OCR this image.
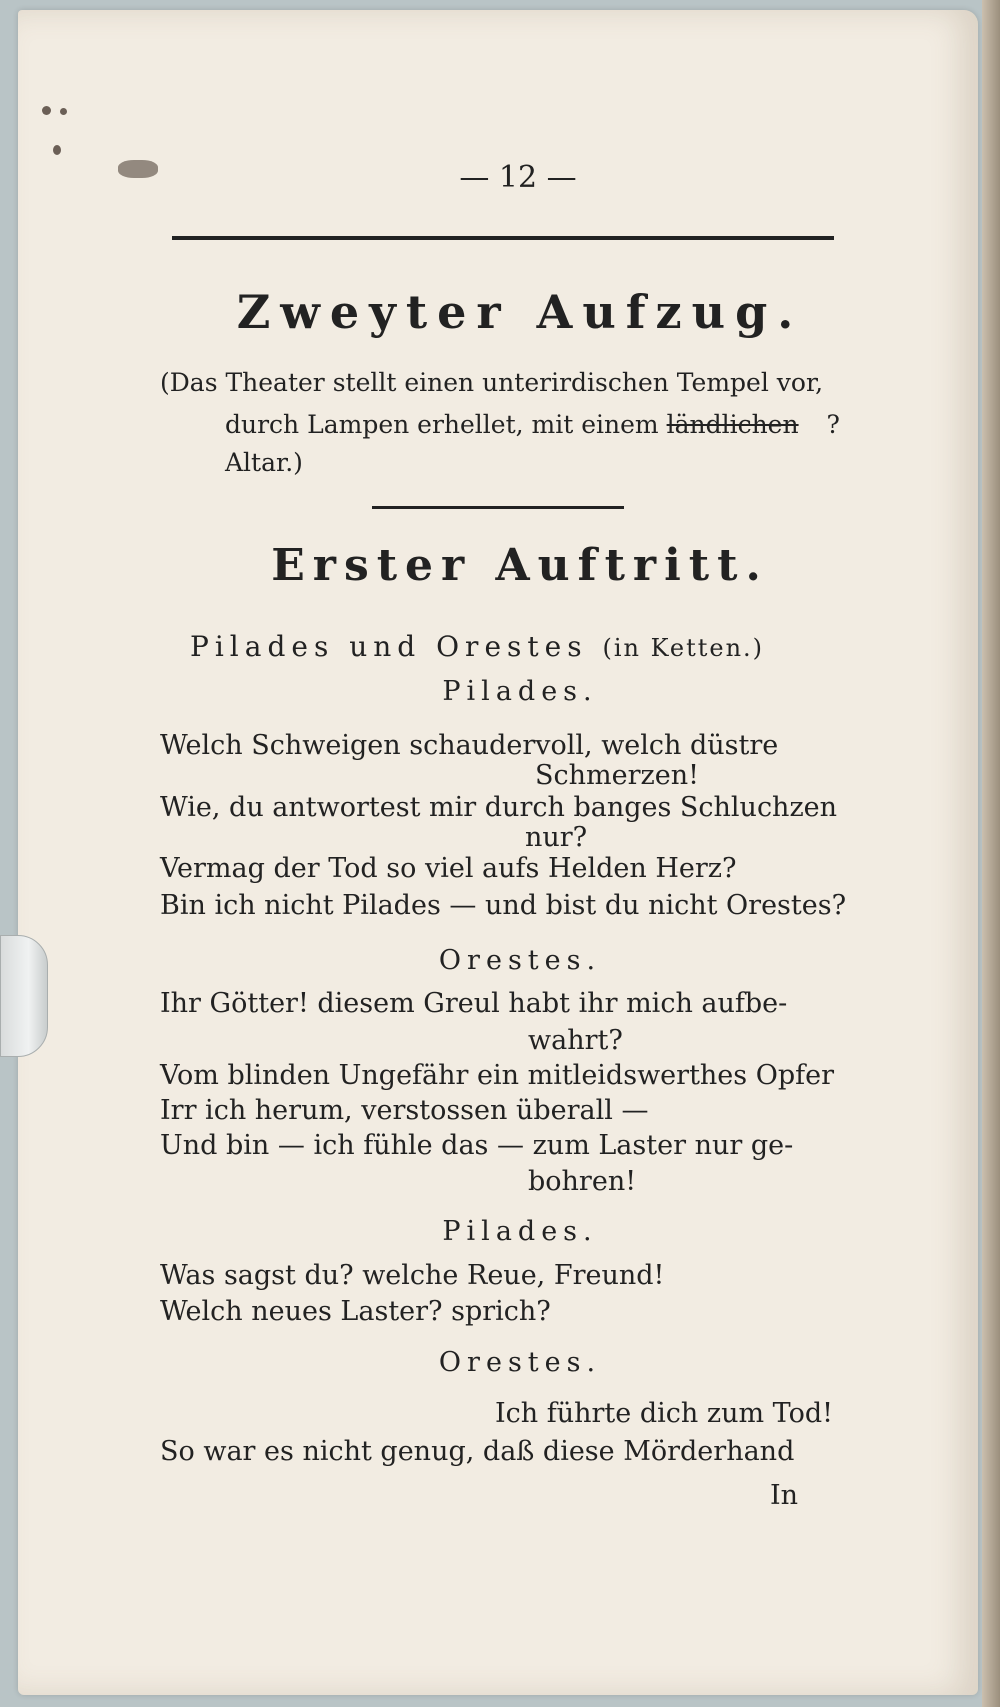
— 12 —
Zweyter Aufzug.
(Das Theater stellt einen unterirdischen Tempel vor,
durch Lampen erhellet, mit einem ländlichen ?
Altar.)
Erster Auftritt.
Pilades und Orestes (in Ketten.)
Pilades.
Welch Schweigen schaudervoll, welch düstre
Schmerzen!
Wie, du antwortest mir durch banges Schluchzen
nur?
Vermag der Tod so viel aufs Helden Herz?
Bin ich nicht Pilades — und bist du nicht Orestes?
Orestes.
Ihr Götter! diesem Greul habt ihr mich aufbe-
wahrt?
Vom blinden Ungefähr ein mitleidswerthes Opfer
Irr ich herum, verstossen überall —
Und bin — ich fühle das — zum Laster nur ge-
bohren!
Pilades.
Was sagst du? welche Reue, Freund!
Welch neues Laster? sprich?
Orestes.
Ich führte dich zum Tod!
So war es nicht genug, daß diese Mörderhand
In
